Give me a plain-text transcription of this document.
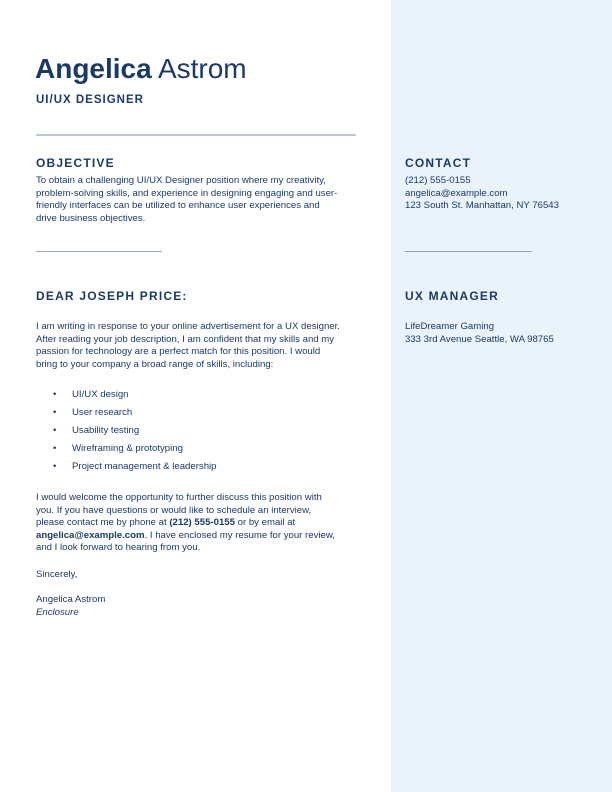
Angelica Astrom
UI/UX DESIGNER
OBJECTIVE
To obtain a challenging UI/UX Designer position where my creativity,
problem-solving skills, and experience in designing engaging and user-
friendly interfaces can be utilized to enhance user experiences and
drive business objectives.
CONTACT
(212) 555-0155
angelica@example.com
123 South St. Manhattan, NY 76543
DEAR JOSEPH PRICE:
I am writing in response to your online advertisement for a UX designer.
After reading your job description, I am confident that my skills and my
passion for technology are a perfect match for this position. I would
bring to your company a broad range of skills, including:
• UI/UX design
• User research
• Usability testing
• Wireframing & prototyping
• Project management & leadership
I would welcome the opportunity to further discuss this position with
you. If you have questions or would like to schedule an interview,
please contact me by phone at (212) 555-0155 or by email at
angelica@example.com. I have enclosed my resume for your review,
and I look forward to hearing from you.
Sincerely,
Angelica Astrom
Enclosure
UX MANAGER
LifeDreamer Gaming
333 3rd Avenue Seattle, WA 98765
